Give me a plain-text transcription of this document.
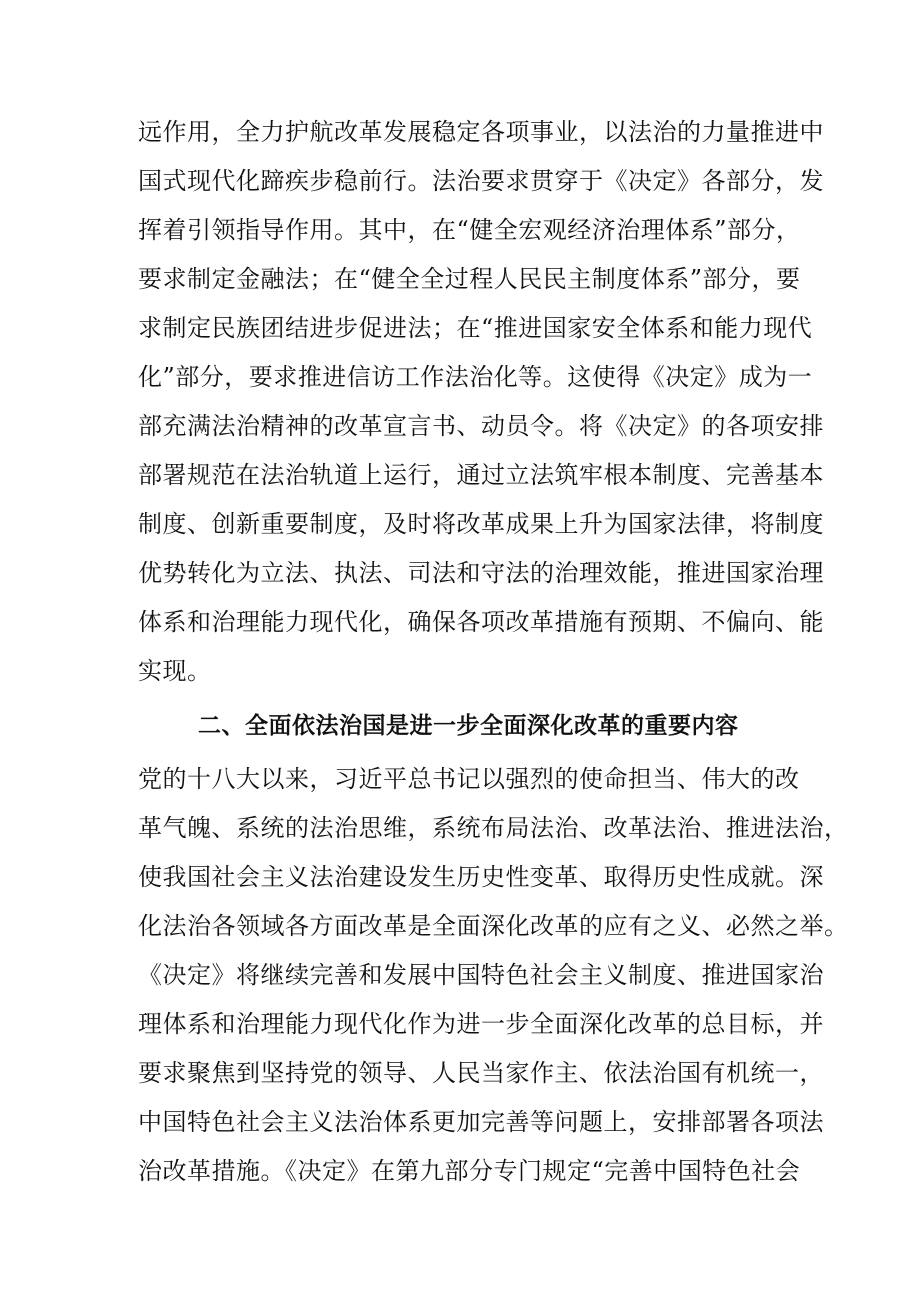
远作用，全力护航改革发展稳定各项事业，以法治的力量推进中
国式现代化蹄疾步稳前行。法治要求贯穿于《决定》各部分，发
挥着引领指导作用。其中，在“健全宏观经济治理体系”部分，
要求制定金融法；在“健全全过程人民民主制度体系”部分，要
求制定民族团结进步促进法；在“推进国家安全体系和能力现代
化”部分，要求推进信访工作法治化等。这使得《决定》成为一
部充满法治精神的改革宣言书、动员令。将《决定》的各项安排
部署规范在法治轨道上运行，通过立法筑牢根本制度、完善基本
制度、创新重要制度，及时将改革成果上升为国家法律，将制度
优势转化为立法、执法、司法和守法的治理效能，推进国家治理
体系和治理能力现代化，确保各项改革措施有预期、不偏向、能
实现。
二、全面依法治国是进一步全面深化改革的重要内容
党的十八大以来，习近平总书记以强烈的使命担当、伟大的改
革气魄、系统的法治思维，系统布局法治、改革法治、推进法治，
使我国社会主义法治建设发生历史性变革、取得历史性成就。深
化法治各领域各方面改革是全面深化改革的应有之义、必然之举。
《决定》将继续完善和发展中国特色社会主义制度、推进国家治
理体系和治理能力现代化作为进一步全面深化改革的总目标，并
要求聚焦到坚持党的领导、人民当家作主、依法治国有机统一，
中国特色社会主义法治体系更加完善等问题上，安排部署各项法
治改革措施。《决定》在第九部分专门规定“完善中国特色社会
